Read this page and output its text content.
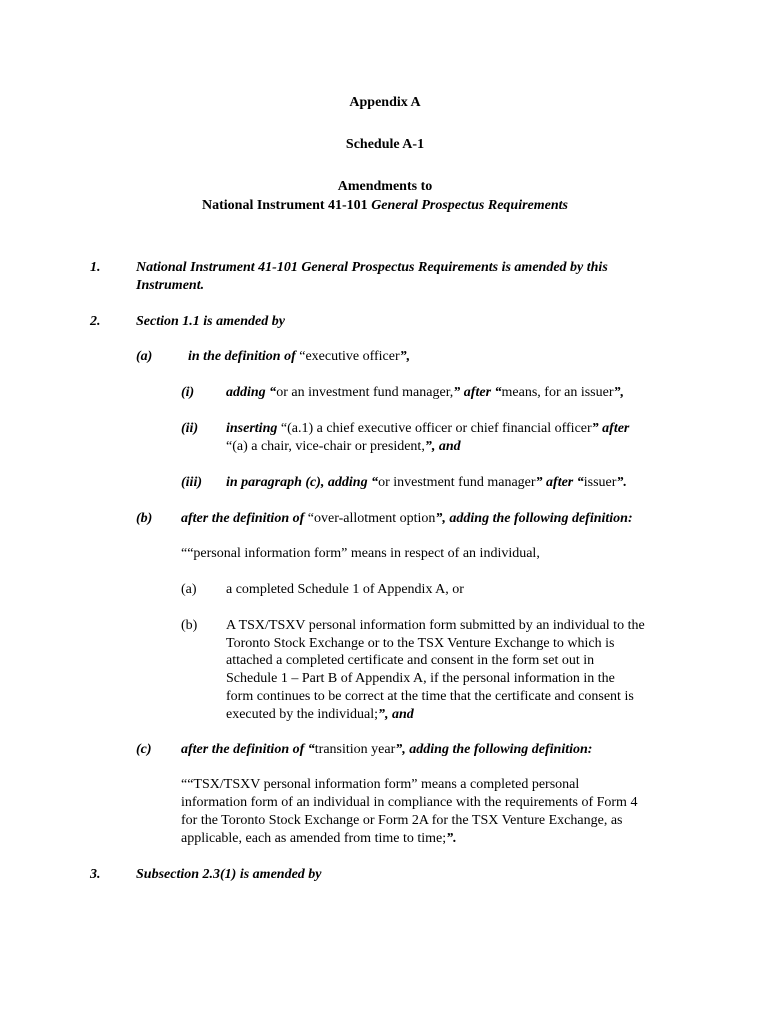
Appendix A
Schedule A-1
Amendments to
National Instrument 41-101 General Prospectus Requirements
1.	National Instrument 41-101 General Prospectus Requirements is amended by this
Instrument.
2.	Section 1.1 is amended by
(a)	in the definition of “executive officer”,
(i) adding “or an investment fund manager,” after “means, for an issuer”,
(ii) inserting “(a.1) a chief executive officer or chief financial officer” after
“(a) a chair, vice-chair or president,”, and
(iii) in paragraph (c), adding “or investment fund manager” after “issuer”.
(b) after the definition of “over-allotment option”, adding the following definition:
““personal information form” means in respect of an individual,
(a) a completed Schedule 1 of Appendix A, or
(b) A TSX/TSXV personal information form submitted by an individual to the
Toronto Stock Exchange or to the TSX Venture Exchange to which is
attached a completed certificate and consent in the form set out in
Schedule 1 – Part B of Appendix A, if the personal information in the
form continues to be correct at the time that the certificate and consent is
executed by the individual;”, and
(c) after the definition of “transition year”, adding the following definition:
““TSX/TSXV personal information form” means a completed personal
information form of an individual in compliance with the requirements of Form 4
for the Toronto Stock Exchange or Form 2A for the TSX Venture Exchange, as
applicable, each as amended from time to time;”.
3.	Subsection 2.3(1) is amended by
